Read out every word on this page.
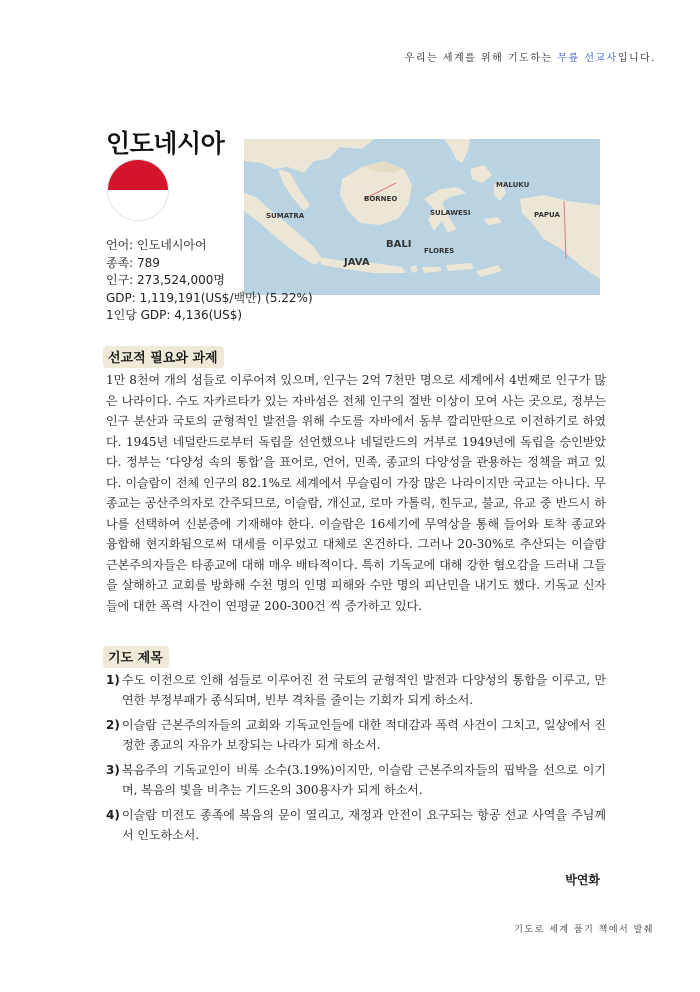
우리는 세계를 위해 기도하는 무릎 선교사입니다.
인도네시아
SUMATRA
BORNEO
MALUKU
SULAWESI	PAPUA
BALI
FLORES
JAVA
언어: 인도네시아어
종족: 789
인구: 273,524,000명
GDP: 1,119,191(US$/백만) (5.22%)
1인당 GDP: 4,136(US$)
선교적 필요와 과제

1만 8천여 개의 섬들로 이루어져 있으며, 인구는 2억 7천만 명으로 세계에서 4번째로 인구가 많은 나라이다. 수도 자카르타가 있는 자바섬은 전체 인구의 절반 이상이 모여 사는 곳으로, 정부는 인구 분산과 국토의 균형적인 발전을 위해 수도를 자바에서 동부 깔리만딴으로 이전하기로 하였다. 1945년 네덜란드로부터 독립을 선언했으나 네덜란드의 거부로 1949년에 독립을 승인받았다. 정부는 ‘다양성 속의 통합’을 표어로, 언어, 민족, 종교의 다양성을 관용하는 정책을 펴고 있다. 이슬람이 전체 인구의 82.1%로 세계에서 무슬림이 가장 많은 나라이지만 국교는 아니다. 무종교는 공산주의자로 간주되므로, 이슬람, 개신교, 로마 가톨릭, 힌두교, 불교, 유교 중 반드시 하나를 선택하여 신분증에 기재해야 한다. 이슬람은 16세기에 무역상을 통해 들어와 토착 종교와 융합해 현지화됨으로써 대세를 이루었고 대체로 온건하다. 그러나 20-30%로 추산되는 이슬람 근본주의자들은 타종교에 대해 매우 배타적이다. 특히 기독교에 대해 강한 혐오감을 드러내 그들을 살해하고 교회를 방화해 수천 명의 인명 피해와 수만 명의 피난민을 내기도 했다. 기독교 신자들에 대한 폭력 사건이 연평균 200-300건 씩 증가하고 있다.

기도 제목
1) 수도 이전으로 인해 섬들로 이루어진 전 국토의 균형적인 발전과 다양성의 통합을 이루고, 만연한 부정부패가 종식되며, 빈부 격차를 줄이는 기회가 되게 하소서.
2) 이슬람 근본주의자들의 교회와 기독교인들에 대한 적대감과 폭력 사건이 그치고, 일상에서 진정한 종교의 자유가 보장되는 나라가 되게 하소서.
3) 복음주의 기독교인이 비록 소수(3.19%)이지만, 이슬람 근본주의자들의 핍박을 선으로 이기며, 복음의 빛을 비추는 기드온의 300용사가 되게 하소서.
4) 이슬람 미전도 종족에 복음의 문이 열리고, 재정과 안전이 요구되는 항공 선교 사역을 주님께서 인도하소서.
박연화
기도로 세계 품기 책에서 발췌
